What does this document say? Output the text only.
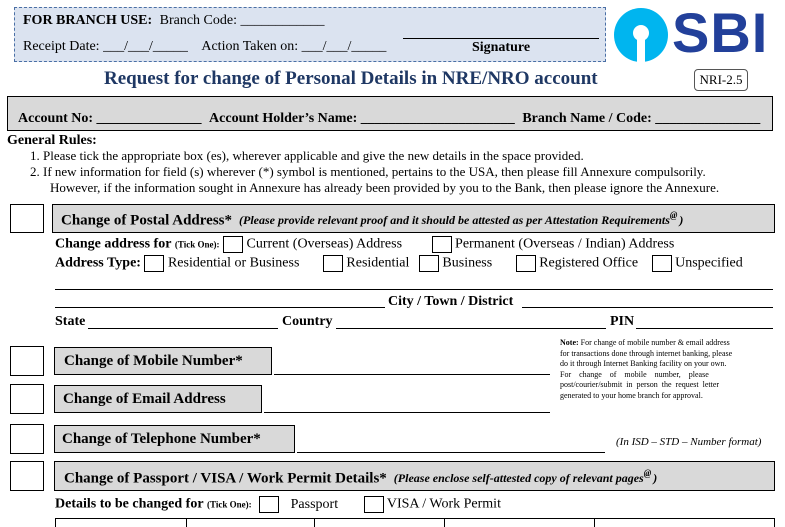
FOR BRANCH USE: Branch Code: ____________
Receipt Date: ___/___/_____ Action Taken on: ___/___/_____	Signature	SBI
Request for change of Personal Details in NRE/NRO account	NRI-2.5
Account No: _______________ Account Holder’s Name: ______________________ Branch Name / Code: _______________
General Rules:
1. Please tick the appropriate box (es), wherever applicable and give the new details in the space provided.
2. If new information for field (s) wherever (*) symbol is mentioned, pertains to the USA, then please fill Annexure compulsorily.
However, if the information sought in Annexure has already been provided by you to the Bank, then please ignore the Annexure.
Change of Postal Address* (Please provide relevant proof and it should be attested as per Attestation Requirements@ )
Change address for (Tick One): Current (Overseas) Address	Permanent (Overseas / Indian) Address
Address Type: Residential or Business	Residential Business	Registered Office	Unspecified
City / Town / District
State	Country	PIN
Change of Mobile Number*
Change of Email Address
Note: For change of mobile number & email address
for transactions done through internet banking, please
do it through Internet Banking facility on your own.
For    change    of    mobile    number,    please
post/courier/submit  in  person  the  request  letter
generated to your home branch for approval.
Change of Telephone Number*	(In ISD – STD – Number format)
Change of Passport / VISA / Work Permit Details* (Please enclose self-attested copy of relevant pages@ )
Details to be changed for (Tick One):	Passport	VISA / Work Permit
